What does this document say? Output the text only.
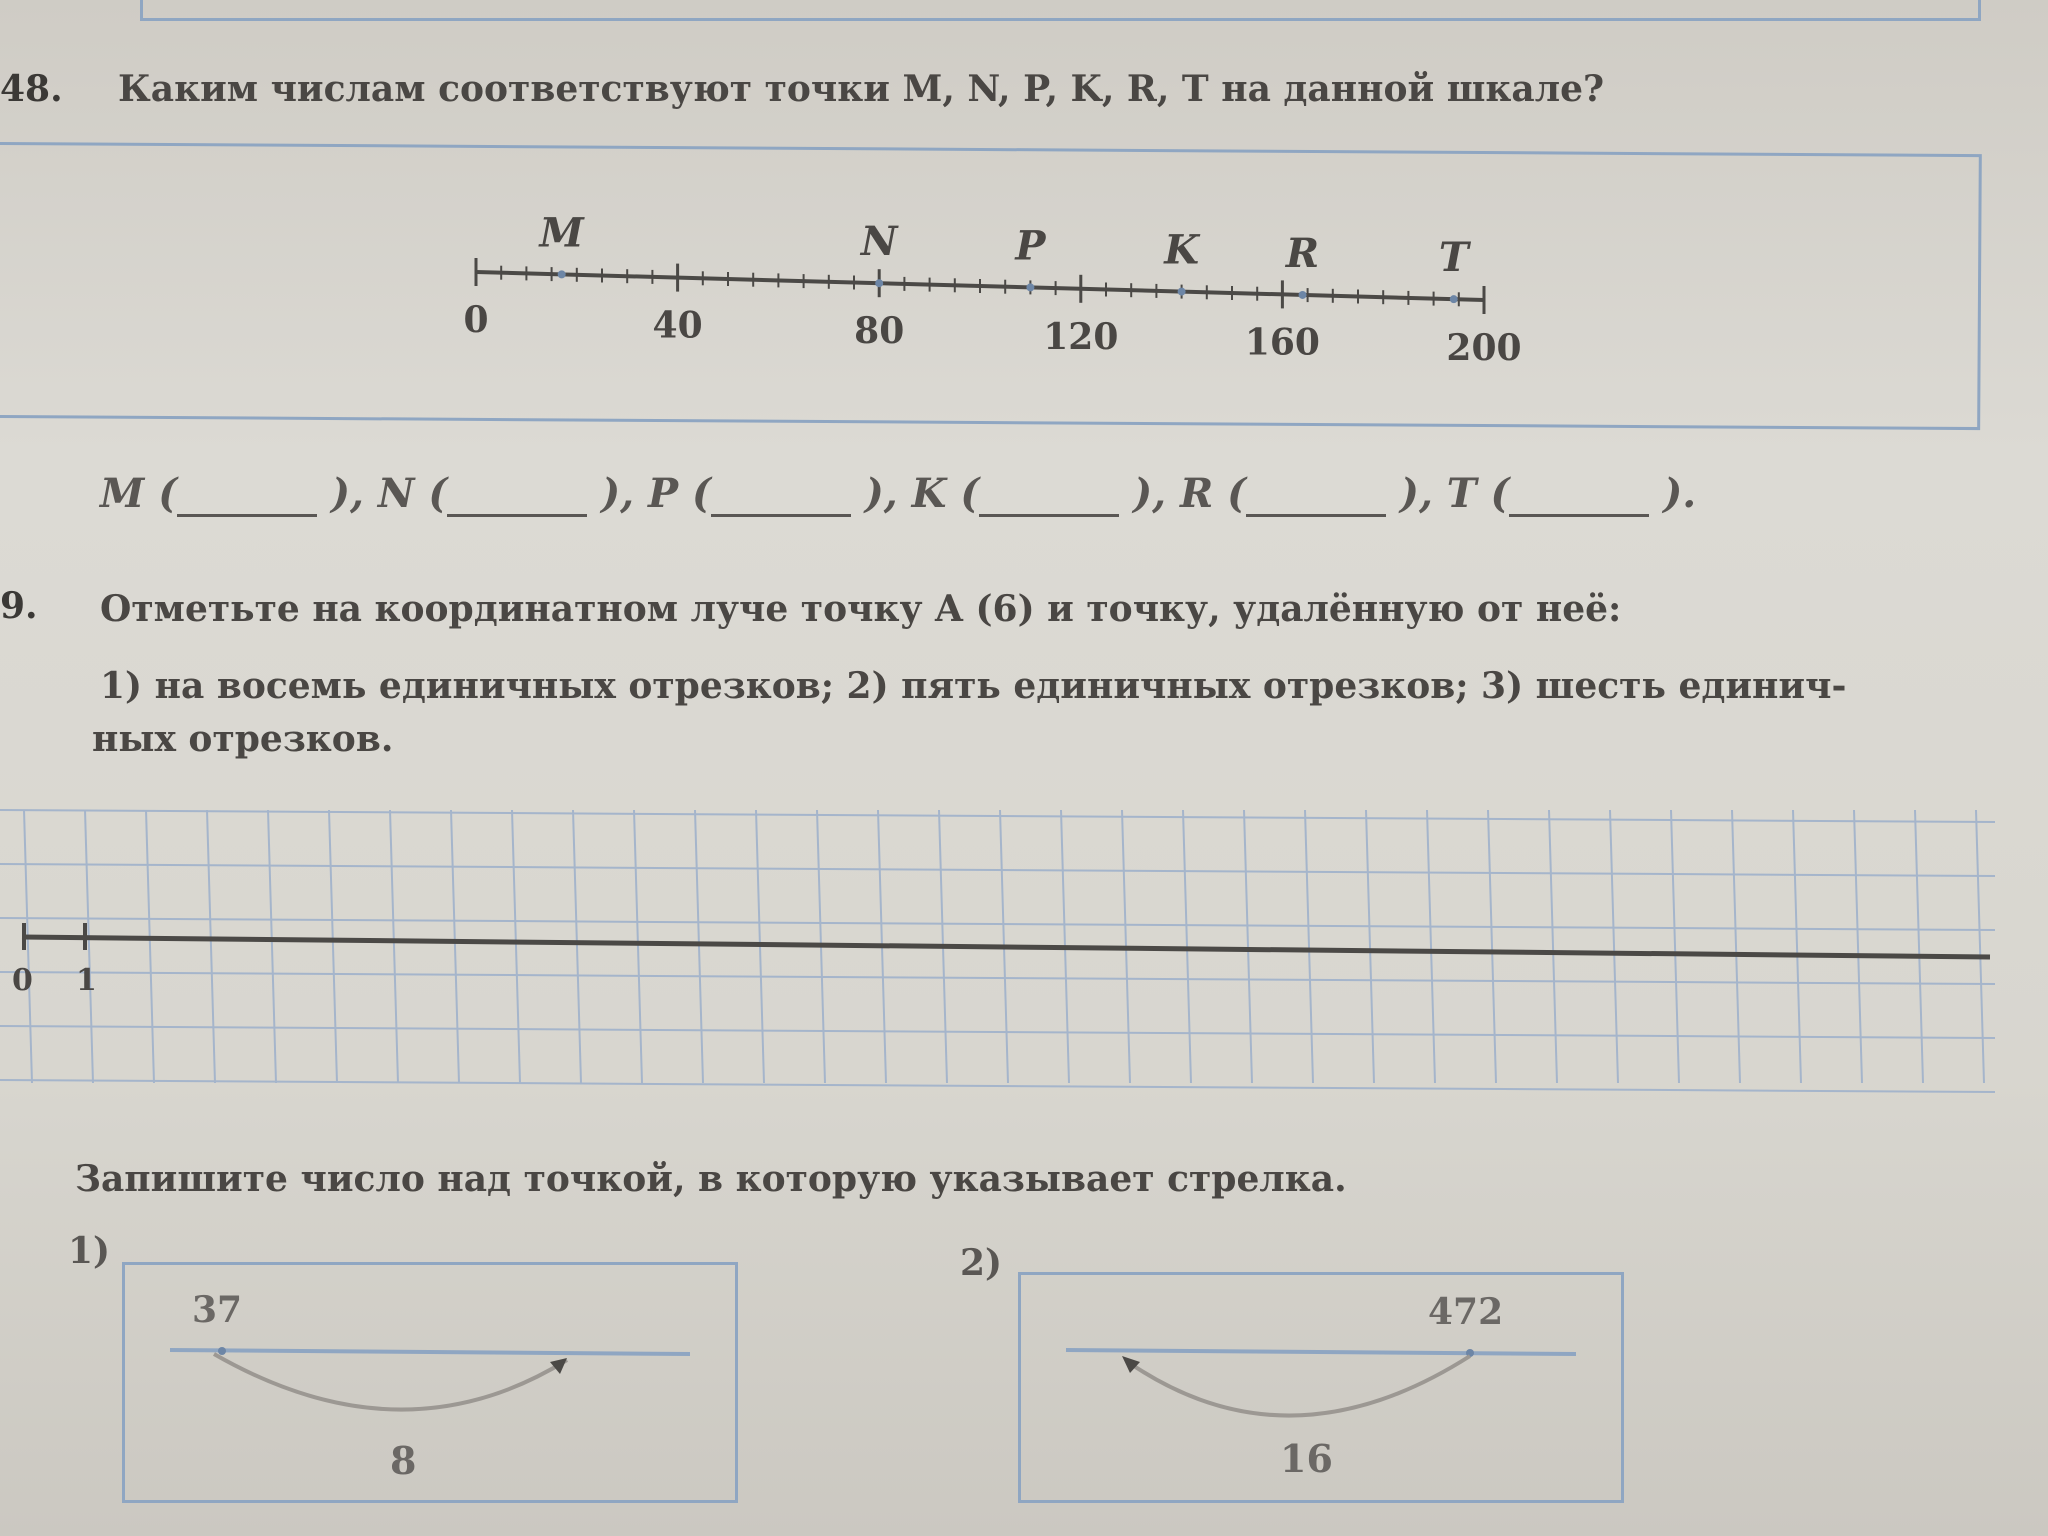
48. Каким числам соответствуют точки M, N, P, K, R, T на данной шкале?
M	N	P	K R	T
0	40	80	120	160	200
M (	), N (	), P (	), K (	), R (	), T (	).
9. Отметьте на координатном луче точку A (6) и точку, удалённую от неё:
1) на восемь единичных отрезков; 2) пять единичных отрезков; 3) шесть единич-
ных отрезков.
0 1
Запишите число над точкой, в которую указывает стрелка.
1)
37
8
2)
472
16
